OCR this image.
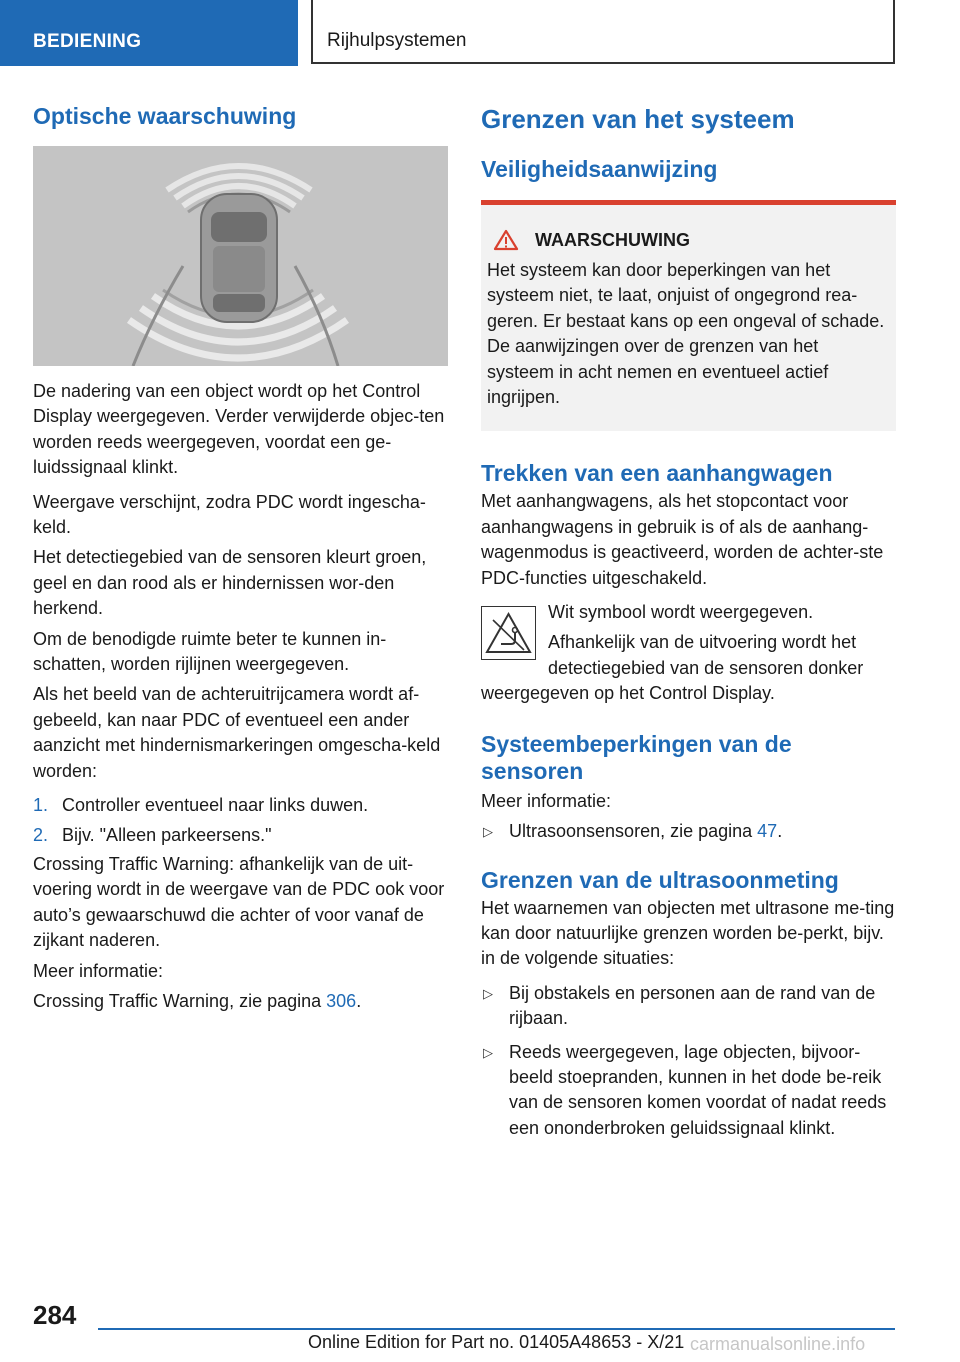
BEDIENING	Rijhulpsystemen
Optische waarschuwing

De nadering van een object wordt op het Control Display weergegeven. Verder verwijderde objec-ten worden reeds weergegeven, voordat een ge-luidssignaal klinkt.

Weergave verschijnt, zodra PDC wordt ingescha-keld.

Het detectiegebied van de sensoren kleurt groen, geel en dan rood als er hindernissen wor-den herkend.

Om de benodigde ruimte beter te kunnen in-schatten, worden rijlijnen weergegeven.

Als het beeld van de achteruitrijcamera wordt af-gebeeld, kan naar PDC of eventueel een ander aanzicht met hindernismarkeringen omgescha-keld worden:

1. Controller eventueel naar links duwen.
2. Bijv. "Alleen parkeersens."

Crossing Traffic Warning: afhankelijk van de uit-voering wordt in de weergave van de PDC ook voor auto’s gewaarschuwd die achter of voor vanaf de zijkant naderen.

Meer informatie:

Crossing Traffic Warning, zie pagina 306.

Grenzen van het systeem
Veiligheidsaanwijzing
WAARSCHUWING

Het systeem kan door beperkingen van het systeem niet, te laat, onjuist of ongegrond rea-geren. Er bestaat kans op een ongeval of schade. De aanwijzingen over de grenzen van het systeem in acht nemen en eventueel actief ingrijpen.

Trekken van een aanhangwagen

Met aanhangwagens, als het stopcontact voor aanhangwagens in gebruik is of als de aanhang-wagenmodus is geactiveerd, worden de achter-ste PDC-functies uitgeschakeld.

Wit symbool wordt weergegeven.

Afhankelijk van de uitvoering wordt het detectiegebied van de sensoren donker

weergegeven op het Control Display.

Systeembeperkingen van de sensoren

Meer informatie:

▷ Ultrasoonsensoren, zie pagina 47.
Grenzen van de ultrasoonmeting

Het waarnemen van objecten met ultrasone me-ting kan door natuurlijke grenzen worden be-perkt, bijv. in de volgende situaties:

▷ Bij obstakels en personen aan de rand van de rijbaan.
▷ Reeds weergegeven, lage objecten, bijvoor-beeld stoepranden, kunnen in het dode be-reik van de sensoren komen voordat of nadat reeds een ononderbroken geluidssignaal klinkt.
284
Online Edition for Part no. 01405A48653 - X/21 carmanualsonline.info
